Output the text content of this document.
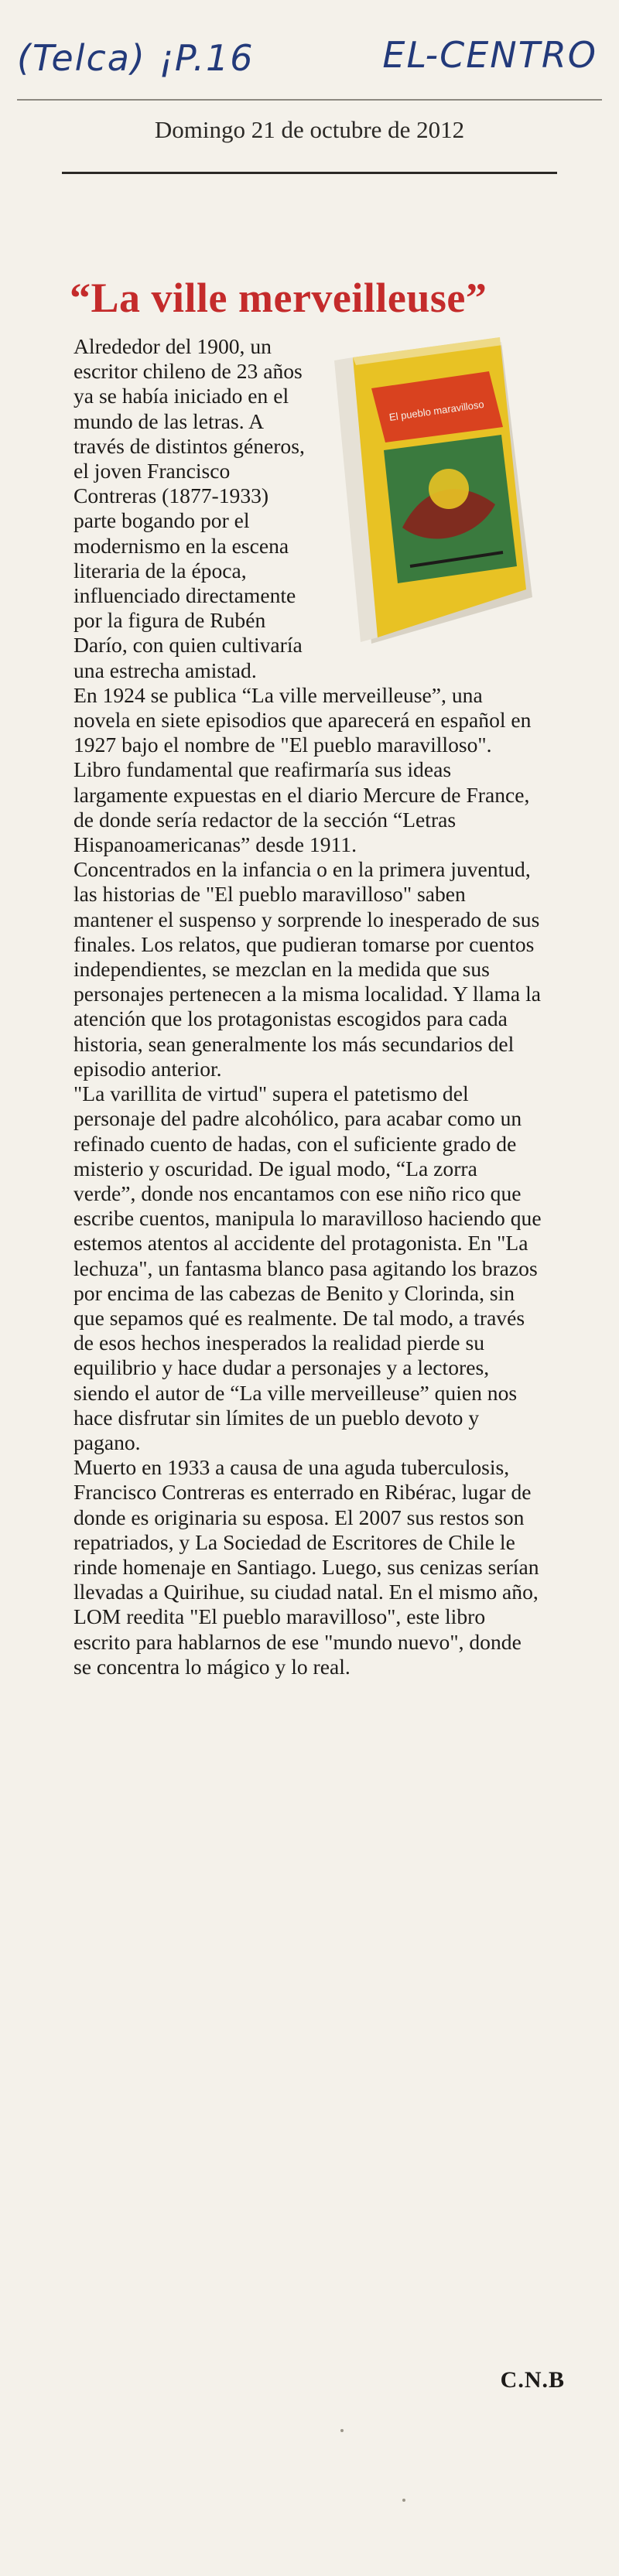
(Telca) ¡P.16	EL-CENTRO
Domingo 21 de octubre de 2012
“La ville merveilleuse”
El pueblo maravilloso

Alrededor del 1900, un escritor chileno de 23 años ya se había iniciado en el mundo de las letras. A través de distintos géneros, el joven Francisco Contreras (1877-1933) parte bogando por el modernismo en la escena literaria de la época, influenciado directamente por la figura de Rubén Darío, con quien cultivaría una estrecha amistad.

En 1924 se publica “La ville merveilleuse”, una novela en siete episodios que aparecerá en español en 1927 bajo el nombre de "El pueblo maravilloso". Libro fundamental que reafirmaría sus ideas largamente expuestas en el diario Mercure de France, de donde sería redactor de la sección “Letras Hispanoamericanas” desde 1911.

Concentrados en la infancia o en la primera juventud, las historias de "El pueblo maravilloso" saben mantener el suspenso y sorprende lo inesperado de sus finales. Los relatos, que pudieran tomarse por cuentos independientes, se mezclan en la medida que sus personajes pertenecen a la misma localidad. Y llama la atención que los protagonistas escogidos para cada historia, sean generalmente los más secundarios del episodio anterior.

"La varillita de virtud" supera el patetismo del personaje del padre alcohólico, para acabar como un refinado cuento de hadas, con el suficiente grado de misterio y oscuridad. De igual modo, “La zorra verde”, donde nos encantamos con ese niño rico que escribe cuentos, manipula lo maravilloso haciendo que estemos atentos al accidente del protagonista. En "La lechuza", un fantasma blanco pasa agitando los brazos por encima de las cabezas de Benito y Clorinda, sin que sepamos qué es realmente. De tal modo, a través de esos hechos inesperados la realidad pierde su equilibrio y hace dudar a personajes y a lectores, siendo el autor de “La ville merveilleuse” quien nos hace disfrutar sin límites de un pueblo devoto y pagano.

Muerto en 1933 a causa de una aguda tuberculosis, Francisco Contreras es enterrado en Ribérac, lugar de donde es originaria su esposa. El 2007 sus restos son repatriados, y La Sociedad de Escritores de Chile le rinde homenaje en Santiago. Luego, sus cenizas serían llevadas a Quirihue, su ciudad natal. En el mismo año, LOM reedita "El pueblo maravilloso", este libro escrito para hablarnos de ese "mundo nuevo", donde se concentra lo mágico y lo real.

C.N.B
